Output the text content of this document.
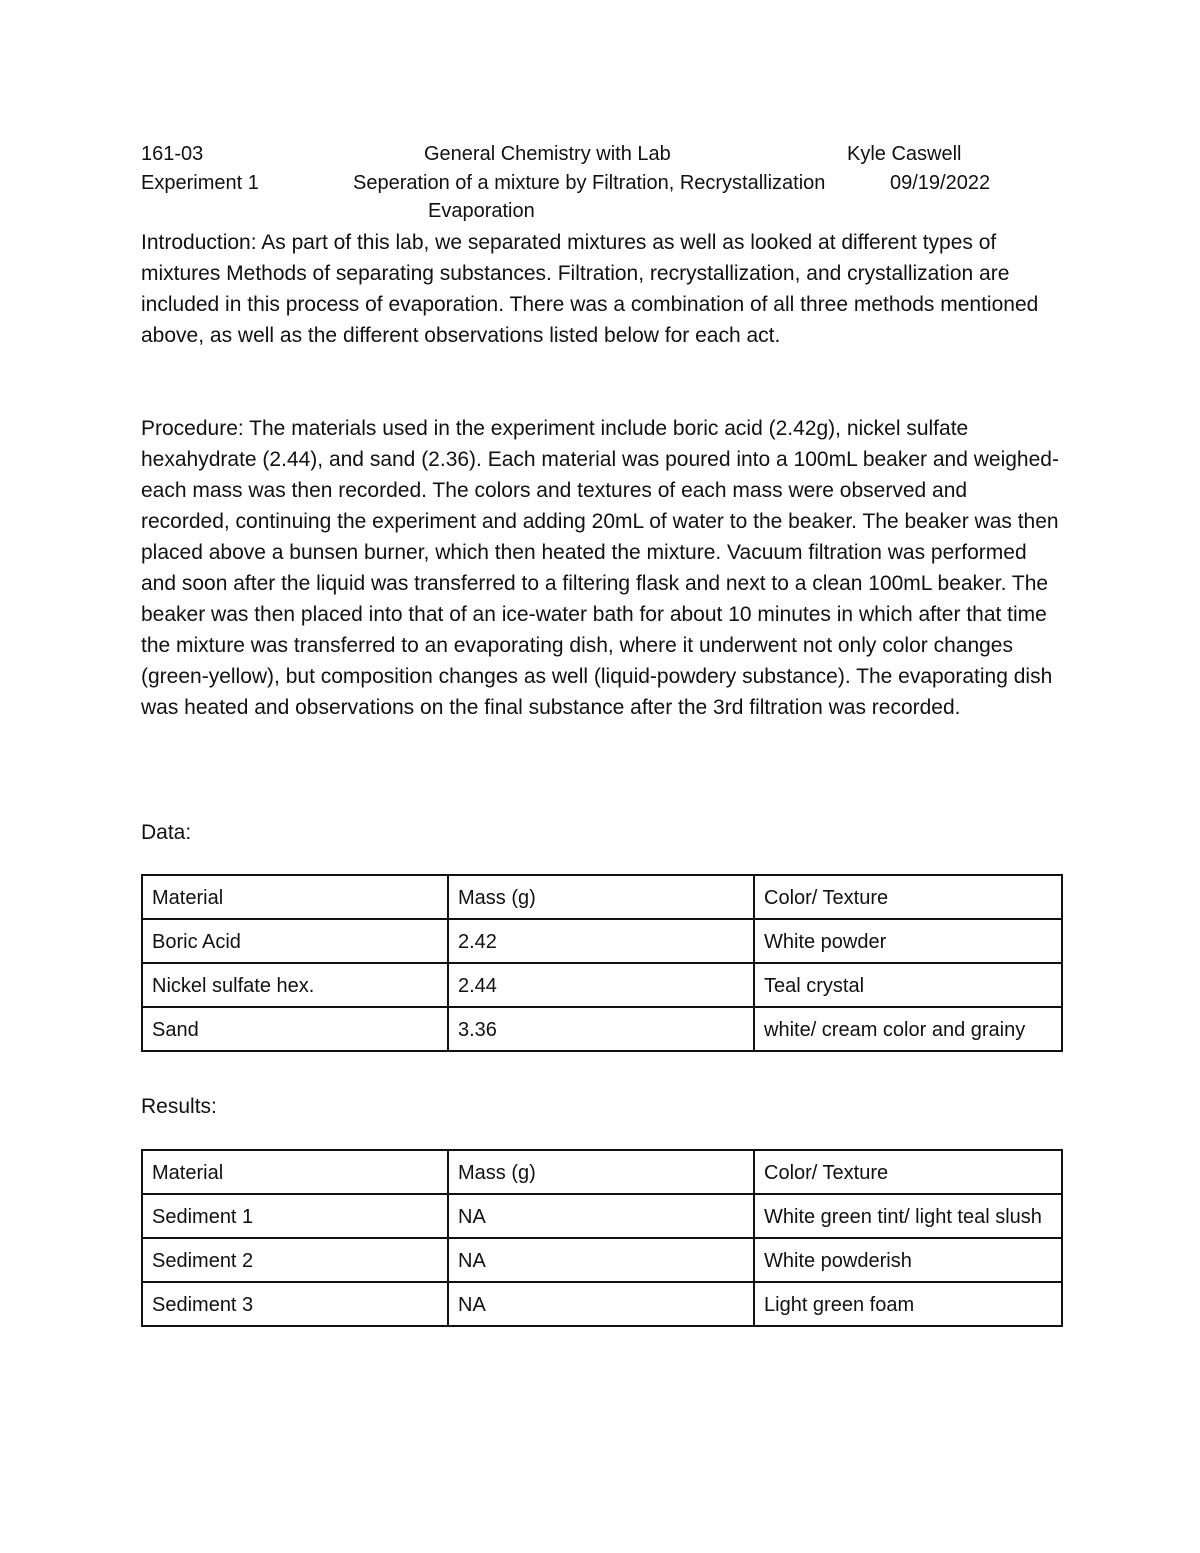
161-03	General Chemistry with Lab	Kyle Caswell
Experiment 1	Seperation of a mixture by Filtration, Recrystallization	09/19/2022
Evaporation
Introduction: As part of this lab, we separated mixtures as well as looked at different types of mixtures Methods of separating substances. Filtration, recrystallization, and crystallization are included in this process of evaporation. There was a combination of all three methods mentioned above, as well as the different observations listed below for each act.
Procedure: The materials used in the experiment include boric acid (2.42g), nickel sulfate hexahydrate (2.44), and sand (2.36). Each material was poured into a 100mL beaker and weighed- each mass was then recorded. The colors and textures of each mass were observed and recorded, continuing the experiment and adding 20mL of water to the beaker. The beaker was then placed above a bunsen burner, which then heated the mixture. Vacuum filtration was performed and soon after the liquid was transferred to a filtering flask and next to a clean 100mL beaker. The beaker was then placed into that of an ice-water bath for about 10 minutes in which after that time the mixture was transferred to an evaporating dish, where it underwent not only color changes (green-yellow), but composition changes as well (liquid-powdery substance). The evaporating dish was heated and observations on the final substance after the 3rd filtration was recorded.
Data:
Material	Mass (g)	Color/ Texture
Boric Acid	2.42	White powder
Nickel sulfate hex.	2.44	Teal crystal
Sand	3.36	white/ cream color and grainy
Results:
Material	Mass (g)	Color/ Texture
Sediment 1	NA	White green tint/ light teal slush
Sediment 2	NA	White powderish
Sediment 3	NA	Light green foam
